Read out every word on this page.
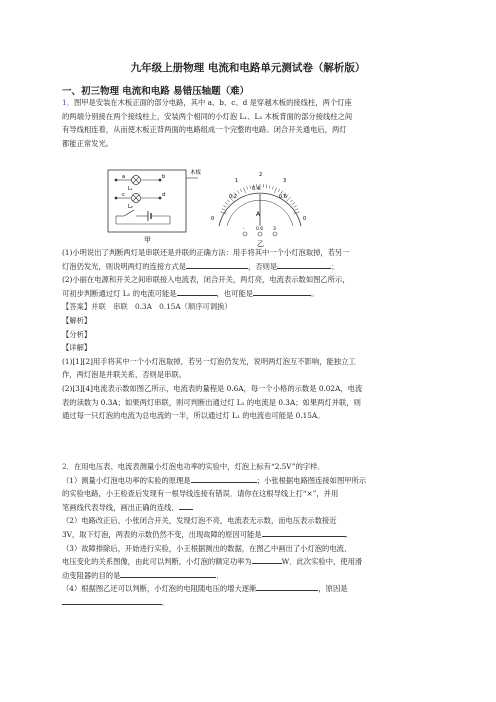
九年级上册物理 电流和电路单元测试卷（解析版）
一、初三物理 电流和电路 易错压轴题（难）

1．图甲是安装在木板正面的部分电路，其中 a、b、c、d 是穿越木板的接线柱，两个灯座

的两端分别接在两个接线柱上，安装两个相同的小灯泡 L₁、L₂ 木板背面的部分接线柱之间

有导线相连着，从而使木板正背两面的电路组成一个完整的电路。闭合开关通电后，两灯

都能正常发光。

a	b
c	d
L₁
L₂
木板
甲
0	0
0.2
0.4
0.6
1
2
3
A
-	0.6 3
乙

(1)小明说出了判断两灯是串联还是并联的正确方法：用手将其中一个小灯泡取掉，若另一

灯泡仍发光，则说明两灯的连接方式是	，否则是	；

(2)小丽在电源和开关之间串联接入电流表，闭合开关，两灯亮，电流表示数如图乙所示，

可初步判断通过灯 L₁ 的电流可能是	，也可能是	。

【答案】并联　串联　0.3A　0.15A（顺序可调换）

【解析】

【分析】

【详解】

(1)[1][2]用手将其中一个小灯泡取掉，若另一灯泡仍发光，说明两灯泡互不影响，能独立工

作，两灯泡是并联关系，否则是串联。

(2)[3][4]电流表示数如图乙所示，电流表的量程是 0.6A，每一个小格的示数是 0.02A，电流

表的读数为 0.3A；如果两灯串联，则可判断出通过灯 L₁ 的电流是 0.3A；如果两灯并联，则

通过每一只灯泡的电流为总电流的一半，所以通过灯 L₁ 的电流也可能是 0.15A。

2．在用电压表、电流表测量小灯泡电功率的实验中，灯泡上标有“2.5V”的字样．

（1）测量小灯泡电功率的实验的原理是	；小张根据电路图连接如图甲所示

的实验电路，小王检查后发现有一根导线连接有错误．请你在这根导线上打“×”，并用

笔画线代表导线，画出正确的连线．

（2）电路改正后，小张闭合开关，发现灯泡不亮，电流表无示数，而电压表示数接近

3V，取下灯泡，两表的示数仍然不变，出现故障的原因可能是	．

（3）故障排除后，开始进行实验，小王根据测出的数据，在图乙中画出了小灯泡的电流、

电压变化的关系图像，由此可以判断，小灯泡的额定功率为	W．此次实验中，使用滑

动变阻器的目的是	．

（4）根据图乙还可以判断，小灯泡的电阻随电压的增大逐渐	，原因是

．
